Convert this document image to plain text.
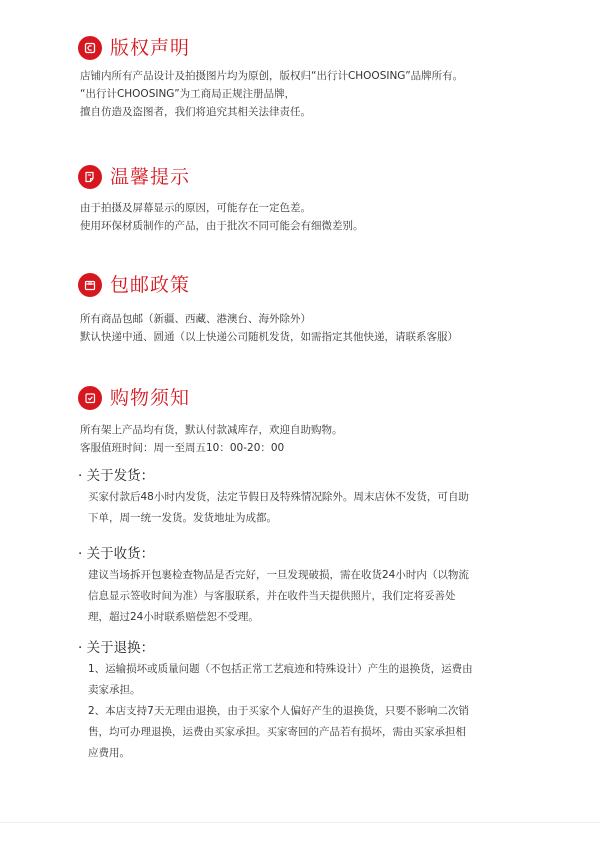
版权声明

店铺内所有产品设计及拍摄图片均为原创，版权归“出行计CHOOSING”品牌所有。

“出行计CHOOSING”为工商局正规注册品牌，

擅自仿造及盗图者，我们将追究其相关法律责任。

温馨提示

由于拍摄及屏幕显示的原因，可能存在一定色差。

使用环保材质制作的产品，由于批次不同可能会有细微差别。

包邮政策

所有商品包邮（新疆、西藏、港澳台、海外除外）

默认快递中通、圆通（以上快递公司随机发货，如需指定其他快递，请联系客服）

购物须知

所有架上产品均有货，默认付款减库存，欢迎自助购物。

客服值班时间：周一至周五10：00-20：00

· 关于发货：

买家付款后48小时内发货，法定节假日及特殊情况除外。周末店休不发货，可自助

下单，周一统一发货。发货地址为成都。

· 关于收货：

建议当场拆开包裹检查物品是否完好，一旦发现破损，需在收货24小时内（以物流

信息显示签收时间为准）与客服联系，并在收件当天提供照片，我们定将妥善处

理，超过24小时联系赔偿恕不受理。

· 关于退换：

1、运输损坏或质量问题（不包括正常工艺痕迹和特殊设计）产生的退换货，运费由

卖家承担。

2、本店支持7天无理由退换，由于买家个人偏好产生的退换货，只要不影响二次销

售，均可办理退换，运费由买家承担。买家寄回的产品若有损坏，需由买家承担相

应费用。
